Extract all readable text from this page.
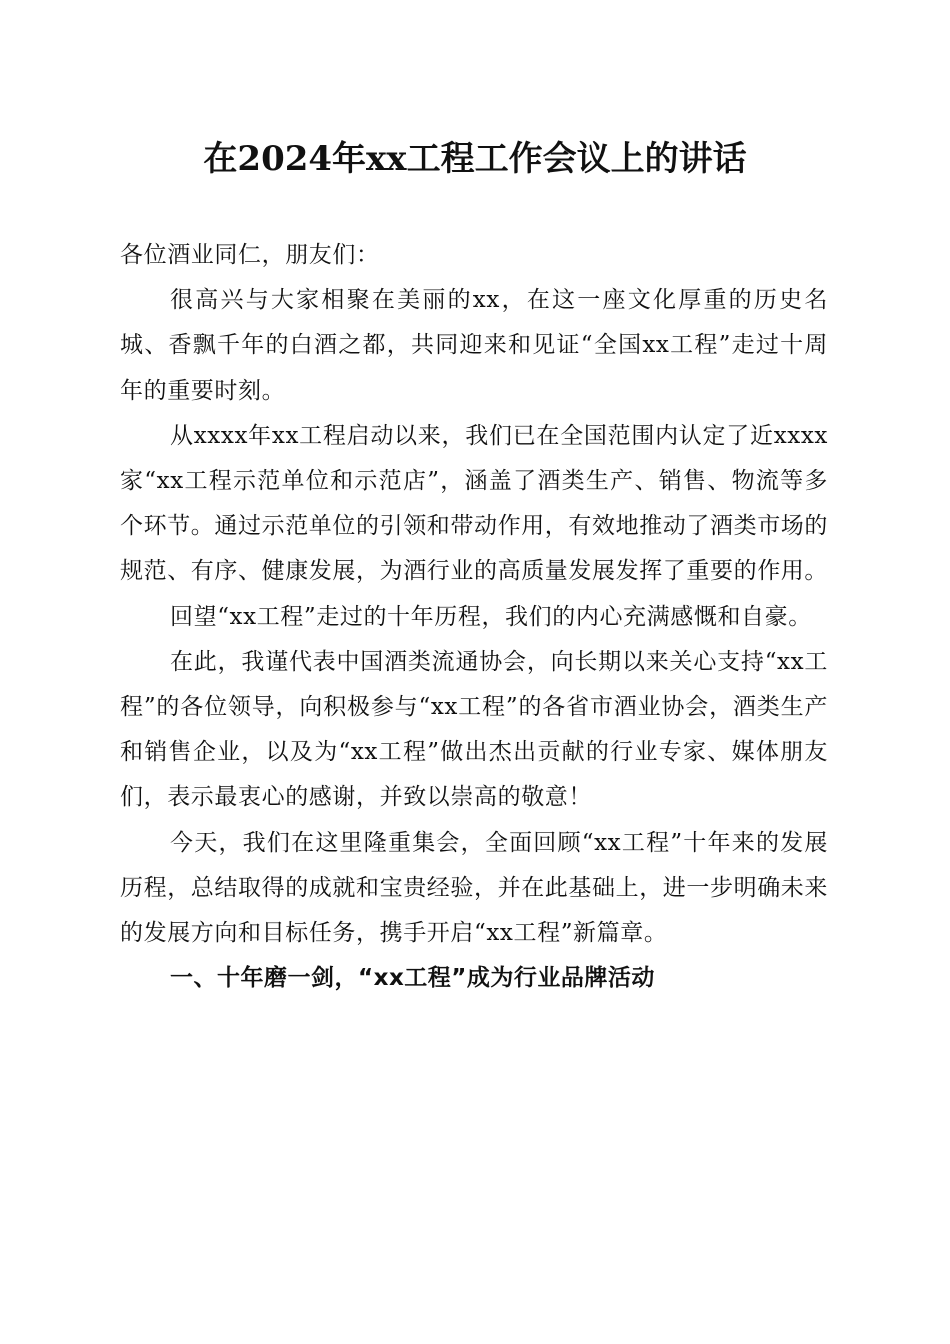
在2024年xx工程工作会议上的讲话

各位酒业同仁，朋友们：

很高兴与大家相聚在美丽的xx，在这一座文化厚重的历史名城、香飘千年的白酒之都，共同迎来和见证“全国xx工程”走过十周年的重要时刻。

从xxxx年xx工程启动以来，我们已在全国范围内认定了近xxxx家“xx工程示范单位和示范店”，涵盖了酒类生产、销售、物流等多个环节。通过示范单位的引领和带动作用，有效地推动了酒类市场的规范、有序、健康发展，为酒行业的高质量发展发挥了重要的作用。

回望“xx工程”走过的十年历程，我们的内心充满感慨和自豪。

在此，我谨代表中国酒类流通协会，向长期以来关心支持“xx工程”的各位领导，向积极参与“xx工程”的各省市酒业协会，酒类生产和销售企业，以及为“xx工程”做出杰出贡献的行业专家、媒体朋友们，表示最衷心的感谢，并致以崇高的敬意！

今天，我们在这里隆重集会，全面回顾“xx工程”十年来的发展历程，总结取得的成就和宝贵经验，并在此基础上，进一步明确未来的发展方向和目标任务，携手开启“xx工程”新篇章。

一、十年磨一剑，“xx工程”成为行业品牌活动
